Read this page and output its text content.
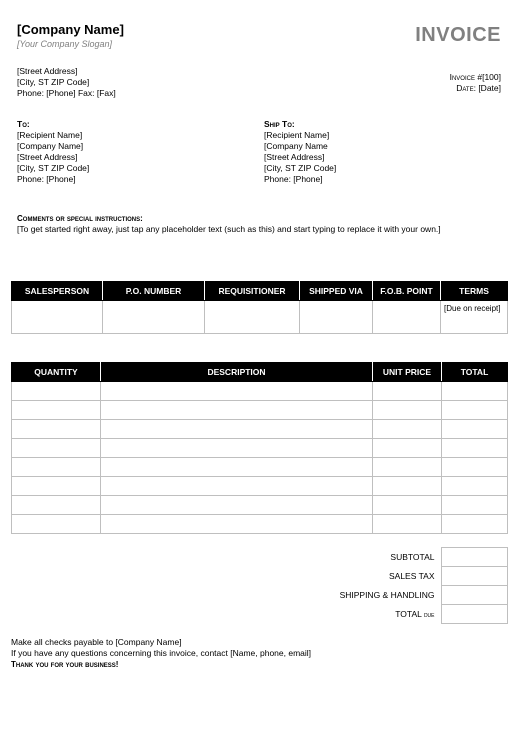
[Company Name]
[Your Company Slogan]	INVOICE
[Street Address]
[City, ST ZIP Code]
Phone: [Phone] Fax: [Fax]
Invoice #[100]
Date: [Date]
To:
[Recipient Name]
[Company Name]
[Street Address]
[City, ST ZIP Code]
Phone: [Phone]
Ship To:
[Recipient Name]
[Company Name
[Street Address]
[City, ST ZIP Code]
Phone: [Phone]
Comments or special instructions:
[To get started right away, just tap any placeholder text (such as this) and start typing to replace it with your own.]
SALESPERSON	P.O. NUMBER	REQUISITIONER	SHIPPED VIA	F.O.B. POINT	TERMS
					[Due on receipt]
QUANTITY	DESCRIPTION	UNIT PRICE	TOTAL

SUBTOTAL	
SALES TAX	
SHIPPING & HANDLING	
TOTAL due	
Make all checks payable to [Company Name]
If you have any questions concerning this invoice, contact [Name, phone, email]
Thank you for your business!
